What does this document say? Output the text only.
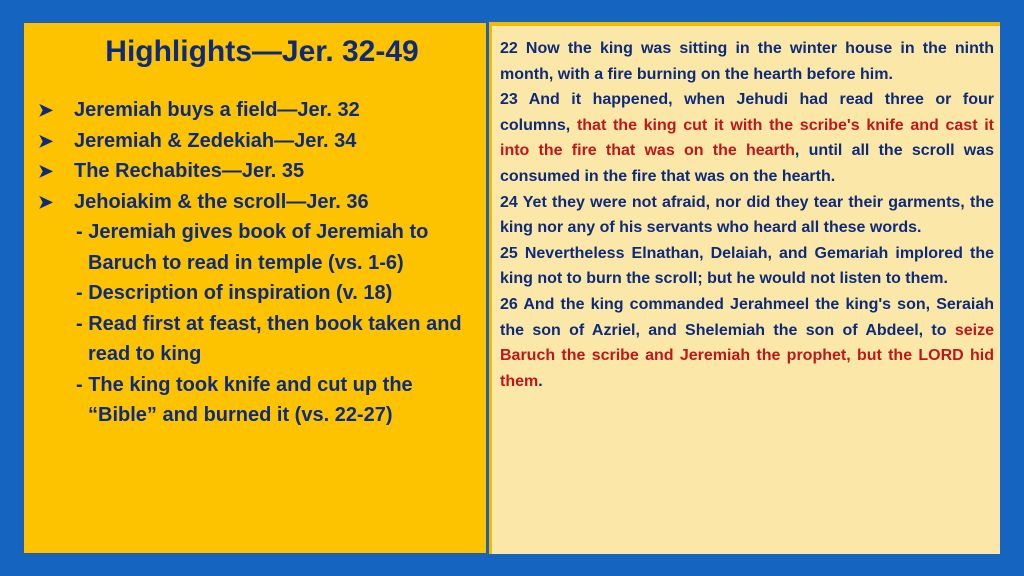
Highlights—Jer. 32-49
➤	Jeremiah buys a field—Jer. 32
➤	Jeremiah & Zedekiah—Jer. 34
➤	The Rechabites—Jer. 35
➤	Jehoiakim & the scroll—Jer. 36

- Jeremiah gives book of Jeremiah to Baruch to read in temple (vs. 1-6)

- Description of inspiration (v. 18)

- Read first at feast, then book taken and read to king

- The king took knife and cut up the “Bible” and burned it (vs. 22-27)

22 Now the king was sitting in the winter house in the ninth month, with a fire burning on the hearth before him.

23 And it happened, when Jehudi had read three or four columns, that the king cut it with the scribe's knife and cast it into the fire that was on the hearth, until all the scroll was consumed in the fire that was on the hearth.

24 Yet they were not afraid, nor did they tear their garments, the king nor any of his servants who heard all these words.

25 Nevertheless Elnathan, Delaiah, and Gemariah implored the king not to burn the scroll; but he would not listen to them.

26 And the king commanded Jerahmeel the king's son, Seraiah the son of Azriel, and Shelemiah the son of Abdeel, to seize Baruch the scribe and Jeremiah the prophet, but the LORD hid them.
